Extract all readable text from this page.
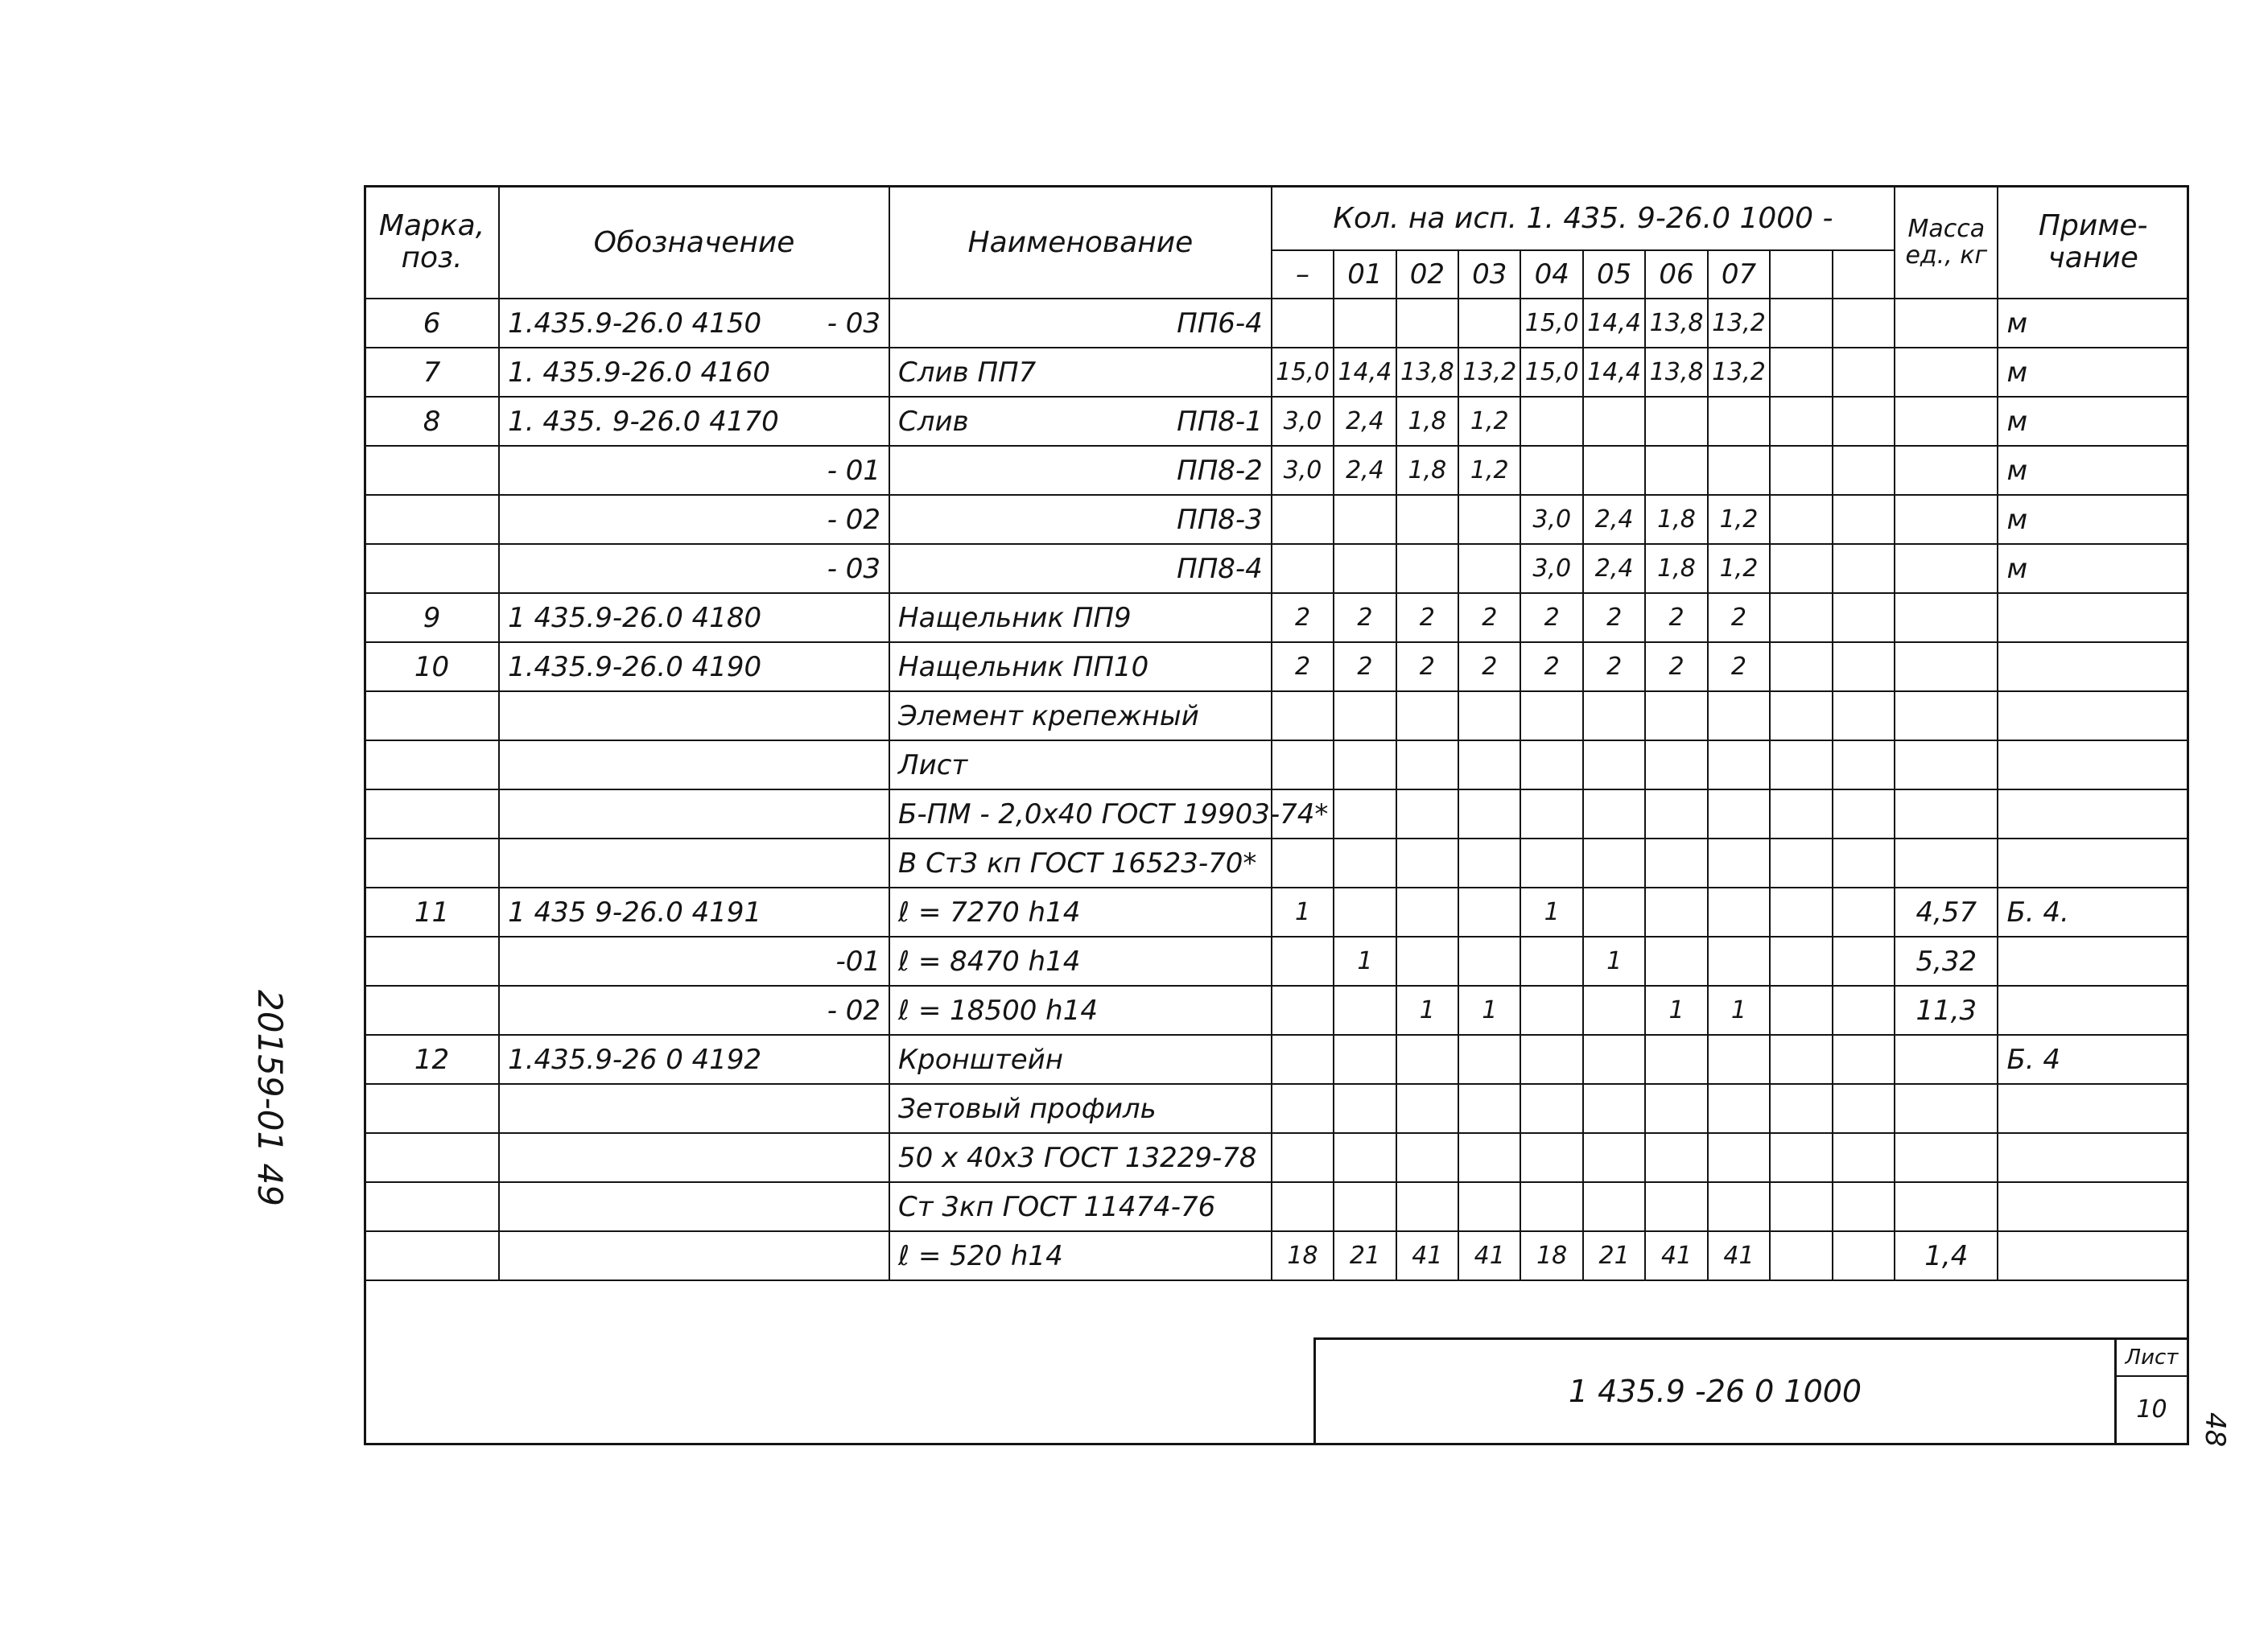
Марка, поз.	Обозначение	Наименование	Кол. на исп. 1. 435. 9-26.0 1000 -										Масса ед., кг	Приме- чание
			–	01	02	03	04	05	06	07				
6	1.435.9-26.0 4150 - 03	ПП6-4					15,0	14,4	13,8	13,2				м
7	1. 435.9-26.0 4160	Слив ПП7	15,0	14,4	13,8	13,2	15,0	14,4	13,8	13,2				м
8	1. 435. 9-26.0 4170	Слив ПП8-1	3,0	2,4	1,8	1,2								м

	- 01	ПП8-2	3,0	2,4	1,8	1,2								м

	- 02	ПП8-3					3,0	2,4	1,8	1,2				м

	- 03	ПП8-4					3,0	2,4	1,8	1,2				м
9	1 435.9-26.0 4180	Нащельник ПП9	2	2	2	2	2	2	2	2				
10	1.435.9-26.0 4190	Нащельник ПП10	2	2	2	2	2	2	2	2				

		Элемент крепежный												

		Лист												

		Б-ПМ - 2,0х40 ГОСТ 19903-74*												

		В Ст3 кп ГОСТ 16523-70*												

11	1 435 9-26.0 4191	ℓ = 7270 h14	1				1						4,57	Б. 4.

	-01	ℓ = 8470 h14		1				1					5,32	

	- 02	ℓ = 18500 h14			1	1			1	1			11,3	
12	1.435.9-26 0 4192	Кронштейн												Б. 4

		Зетовый профиль												

		50 x 40x3 ГОСТ 13229-78												

		Ст 3кп ГОСТ 11474-76												

		ℓ = 520 h14	18	21	41	41	18	21	41	41			1,4	
1 435.9 -26 0 1000
Лист
10
20159-01 49
48
